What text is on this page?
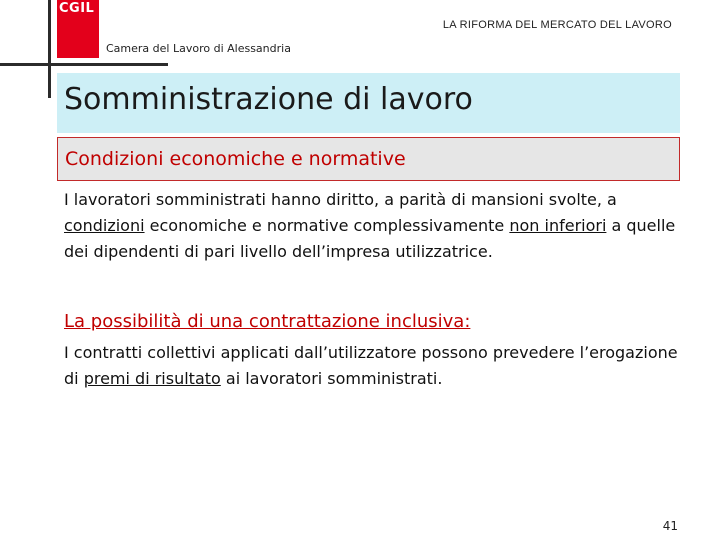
CGIL
Camera del Lavoro di Alessandria
LA RIFORMA DEL MERCATO DEL LAVORO
Somministrazione di lavoro
Condizioni economiche e normative

I lavoratori somministrati hanno diritto, a parità di mansioni svolte, a condizioni economiche e normative complessivamente non inferiori a quelle dei dipendenti di pari livello dell’impresa utilizzatrice.

La possibilità di una contrattazione inclusiva:

I contratti collettivi applicati dall’utilizzatore possono prevedere l’erogazione di premi di risultato ai lavoratori somministrati.

41
